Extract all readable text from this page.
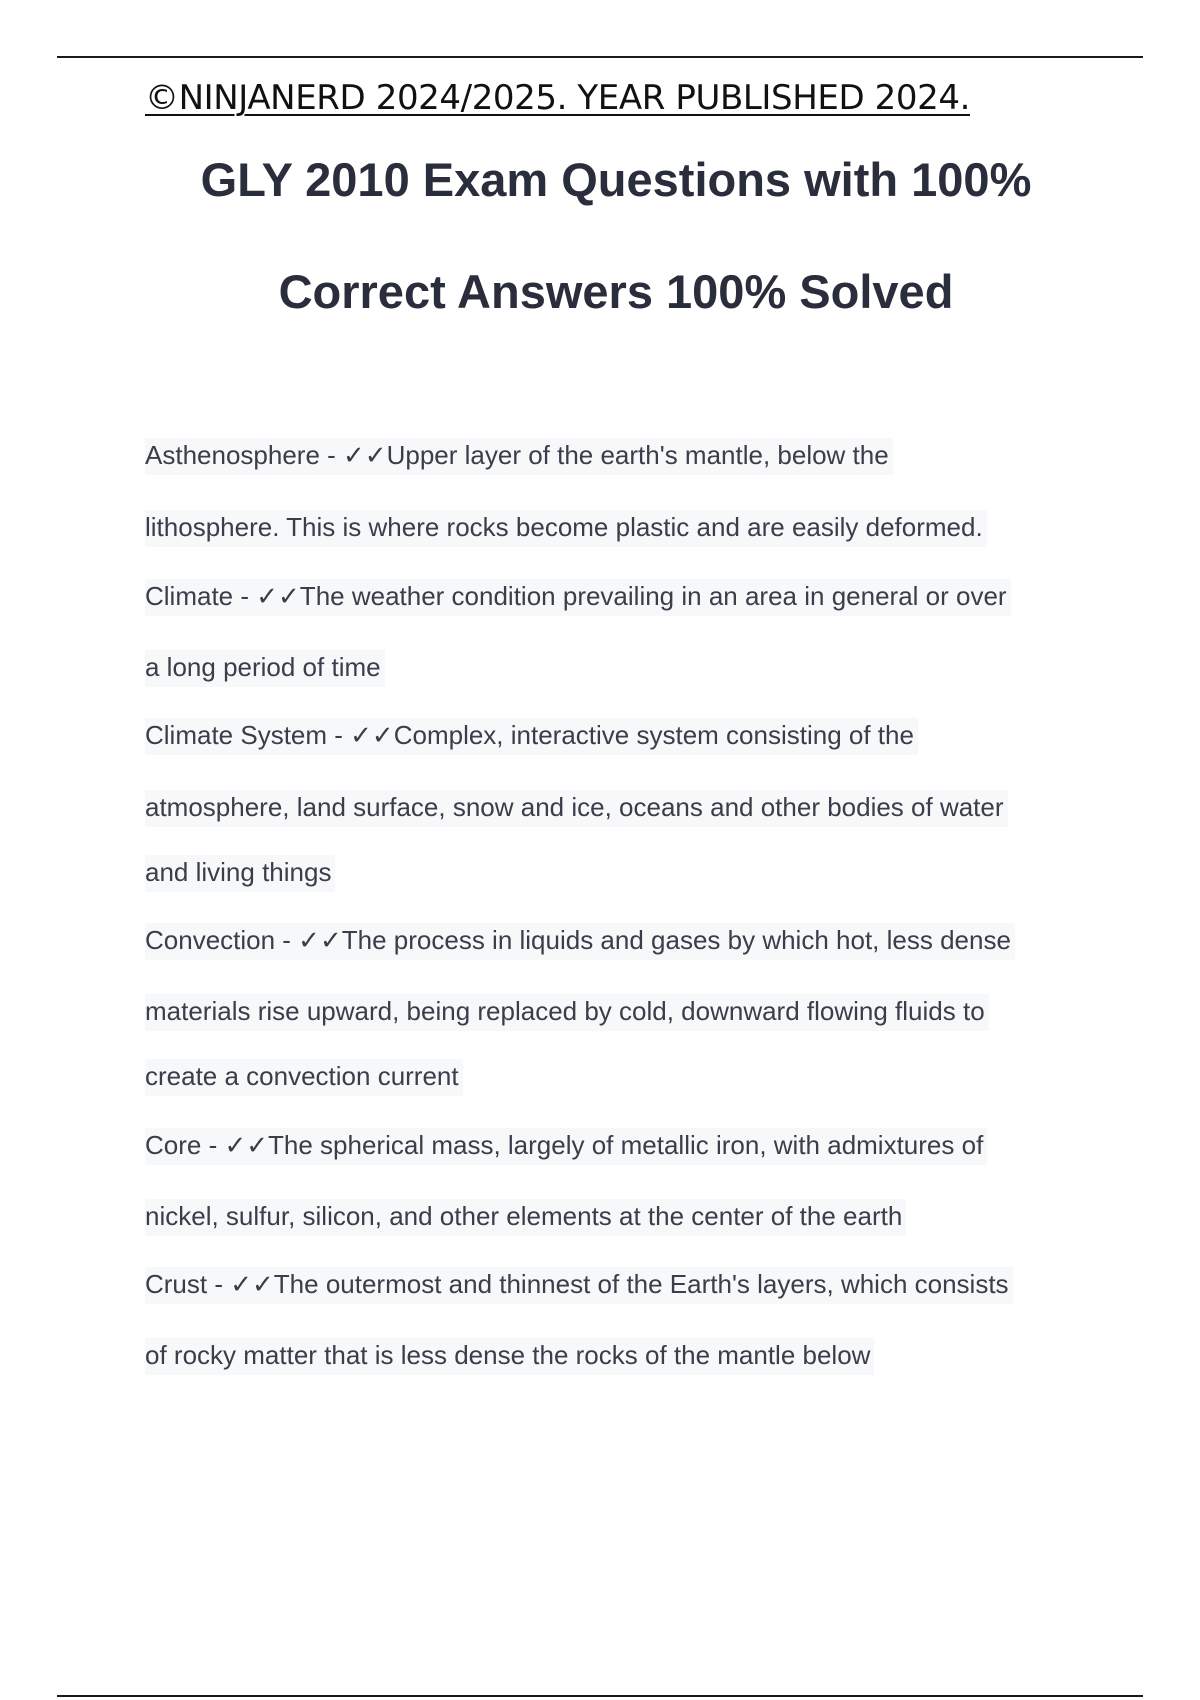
©NINJANERD 2024/2025. YEAR PUBLISHED 2024.
GLY 2010 Exam Questions with 100%
Correct Answers 100% Solved
Asthenosphere - ✓✓Upper layer of the earth's mantle, below the
lithosphere. This is where rocks become plastic and are easily deformed.
Climate - ✓✓The weather condition prevailing in an area in general or over
a long period of time
Climate System - ✓✓Complex, interactive system consisting of the
atmosphere, land surface, snow and ice, oceans and other bodies of water
and living things
Convection - ✓✓The process in liquids and gases by which hot, less dense
materials rise upward, being replaced by cold, downward flowing fluids to
create a convection current
Core - ✓✓The spherical mass, largely of metallic iron, with admixtures of
nickel, sulfur, silicon, and other elements at the center of the earth
Crust - ✓✓The outermost and thinnest of the Earth's layers, which consists
of rocky matter that is less dense the rocks of the mantle below
